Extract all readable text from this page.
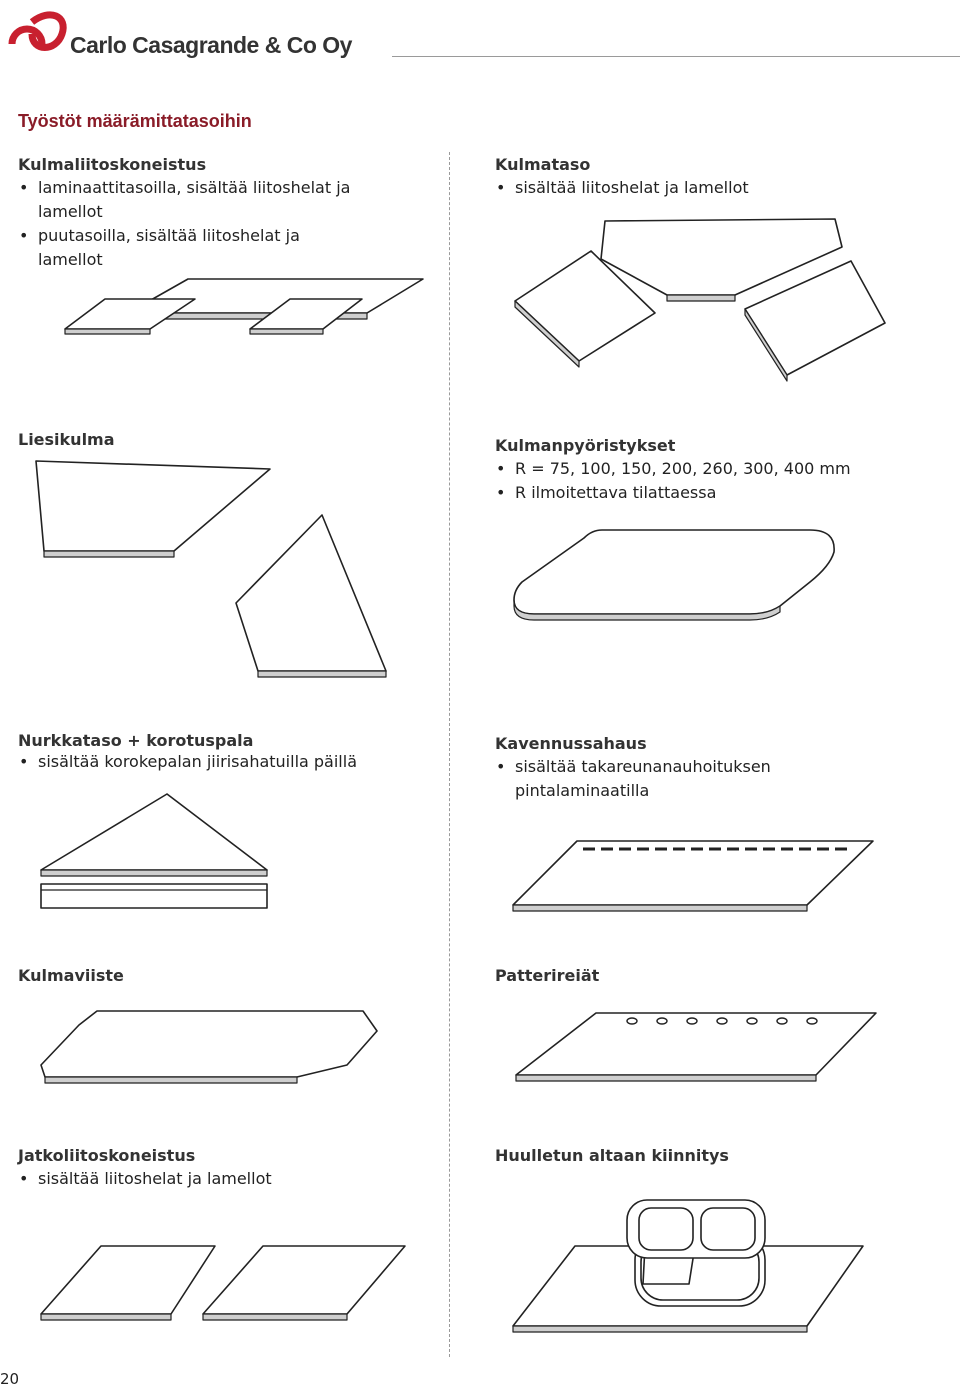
Carlo Casagrande & Co Oy
Työstöt määrämittatasoihin
Kulmaliitoskoneistus
• laminaattitasoilla, sisältää liitoshelat ja lamellot
• puutasoilla, sisältää liitoshelat ja lamellot
Kulmataso
• sisältää liitoshelat ja lamellot
Liesikulma	Kulmanpyöristykset
• R = 75, 100, 150, 200, 260, 300, 400 mm
• R ilmoitettava tilattaessa
Nurkkataso + korotuspala
• sisältää korokepalan jiirisahatuilla päillä
Kavennussahaus
• sisältää takareunanauhoituksen pintalaminaatilla
Kulmaviiste	Patterireiät
Jatkoliitoskoneistus
• sisältää liitoshelat ja lamellot
Huulletun altaan kiinnitys
20
